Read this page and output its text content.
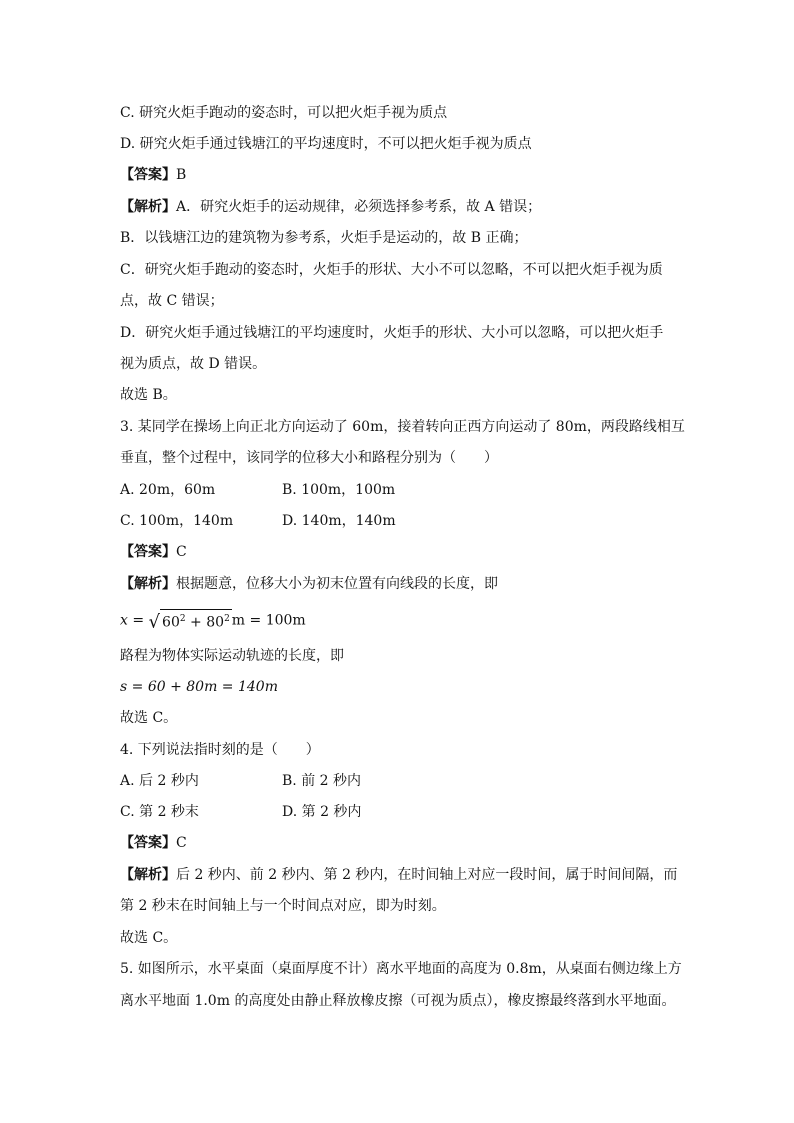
C. 研究火炬手跑动的姿态时，可以把火炬手视为质点
D. 研究火炬手通过钱塘江的平均速度时，不可以把火炬手视为质点
【答案】B
【解析】A．研究火炬手的运动规律，必须选择参考系，故 A 错误；
B．以钱塘江边的建筑物为参考系，火炬手是运动的，故 B 正确；
C．研究火炬手跑动的姿态时，火炬手的形状、大小不可以忽略，不可以把火炬手视为质
点，故 C 错误；
D．研究火炬手通过钱塘江的平均速度时，火炬手的形状、大小可以忽略，可以把火炬手
视为质点，故 D 错误。
故选 B。
3. 某同学在操场上向正北方向运动了 60m，接着转向正西方向运动了 80m，两段路线相互
垂直，整个过程中，该同学的位移大小和路程分别为（　　）
A. 20m，60m	B. 100m，100m
C. 100m，140m	D. 140m，140m
【答案】C
【解析】根据题意，位移大小为初末位置有向线段的长度，即
x = √ $60^2 + 80^2$ m = 100m
路程为物体实际运动轨迹的长度，即
s = 60 + 80m = 140m
故选 C。
4. 下列说法指时刻的是（　　）
A. 后 2 秒内	B. 前 2 秒内
C. 第 2 秒末	D. 第 2 秒内
【答案】C
【解析】后 2 秒内、前 2 秒内、第 2 秒内，在时间轴上对应一段时间，属于时间间隔，而
第 2 秒末在时间轴上与一个时间点对应，即为时刻。
故选 C。
5. 如图所示，水平桌面（桌面厚度不计）离水平地面的高度为 0.8m，从桌面右侧边缘上方
离水平地面 1.0m 的高度处由静止释放橡皮擦（可视为质点），橡皮擦最终落到水平地面。
